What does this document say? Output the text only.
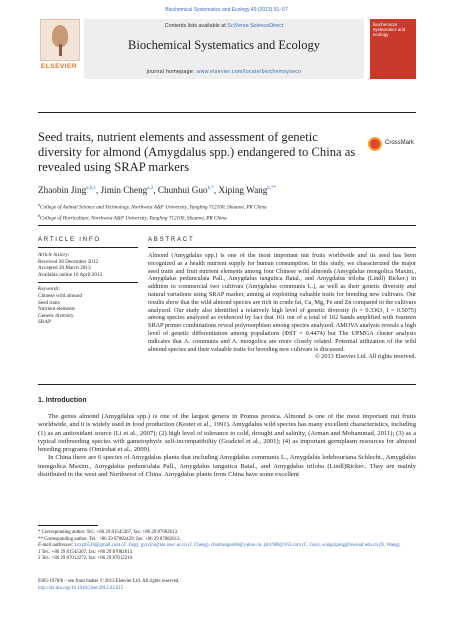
Biochemical Systematics and Ecology 49 (2013) 51–57
ELSEVIER
Contents lists available at SciVerse ScienceDirect
Biochemical Systematics and Ecology
journal homepage: www.elsevier.com/locate/biochemsyseco
biochemical systematics and ecology
Seed traits, nutrient elements and assessment of genetic diversity for almond (Amygdalus spp.) endangered to China as revealed using SRAP markers
CrossMark
Zhaobin Jing$^{a,b,1}$, Jimin Cheng$^{a,2}$, Chunhui Guo$^{b,*}$, Xiping Wang$^{b,**}$
$^a$College of Animal Science and Technology, Northwest A&F University, Yangling 712100, Shaanxi, PR China
$^b$College of Horticulture, Northwest A&F University, Yangling 712100, Shaanxi, PR China
ARTICLE INFO	ABSTRACT
Article history:
Received 28 December 2012
Accepted 30 March 2013
Available online 10 April 2013
Keywords:
Chinese wild almond
Seed traits
Nutrient elements
Genetic diversity
SRAP
Almond (Amygdalus spp.) is one of the most important nut fruits worldwide and its seed has been recognized as a health nutrient supply for human consumption. In this study, we characterized the major seed traits and fruit nutrient elements among four Chinese wild almonds (Amygdalus mongolica Maxim., Amygdalus pedunculata Pall., Amygdalus tangutica Batal., and Amygdalus triloba (Lindl) Ricker.) in addition to commercial two cultivars (Amygdalus communis L.), as well as their genetic diversity and natural variations using SRAP marker, aiming at exploiting valuable traits for breeding new cultivars. Our results show that the wild almond species are rich in crude fat, Ca, Mg, Fe and Zn compared to the cultivars analyzed. Our study also identified a relatively high level of genetic diversity (h = 0.3363, I = 0.5075) among species analyzed as evidenced by fact that 161 out of a total of 162 bands amplified with fourteen SRAP primer combinations reveal polymorphism among species analyzed. AMOVA analysis reveals a high level of genetic differentiation among populations (ΦST = 0.4474) but The UPMGA cluster analysis indicates that A. communis and A. mongolica are more closely related. Potential utilization of the wild almond species and their valuable traits for breeding new cultivars is discussed.
© 2013 Elsevier Ltd. All rights reserved.
1. Introduction

The genus almond (Amygdalus spp.) is one of the largest genera in Prunus persica. Almond is one of the most important nut fruits worldwide, and it is widely used in food production (Kester et al., 1991). Amygdalus wild species has many excellent characteristics, including (1) as an antioxidant source (Li et al., 2007); (2) high level of tolerance to cold, drought and salinity, (Arman and Mohammad, 2011); (3) as a typical outbreeding species with gametophytic self-incompatibility (Gradziel et al., 2001); (4) as important germplasm resources for almond breeding programs (Omirshat et al., 2009).

In China there are 6 species of Amygdalus plants that including Amygdalus communis L., Amygdalus ledebouriana Schlecht., Amygdalus mongolica Maxim., Amygdalus pedunculata Pall., Amygdalus tangutica Batal., and Amygdalus triloba (Lindl)Ricker.. They are mainly distributed in the west and Northwest of China. Amygdalus plants from China have some excellent

* Corresponding author. Tel.: +86 29 81545367; fax: +86 29 87082613.
** Corresponding author. Tel.: +86 29 87082429; fax: +86 29 87082613.
E-mail addresses: zxxjzb520@gmail.com (Z. Jing), gyzcjm@ms.iswc.ac.cn (J. Cheng), chunhuiguo66@yahoo.cn, jzb1980@163.com (C. Guo), wangxiping@nwsuaf.edu.cn (X. Wang).
1 Tel.: +86 29 81545367; fax: +86 29 87082613.
2 Tel.: +86 29 87012272; fax: +86 29 87012210.
0305-1978/$ – see front matter © 2013 Elsevier Ltd. All rights reserved.
http://dx.doi.org/10.1016/j.bse.2013.03.015
